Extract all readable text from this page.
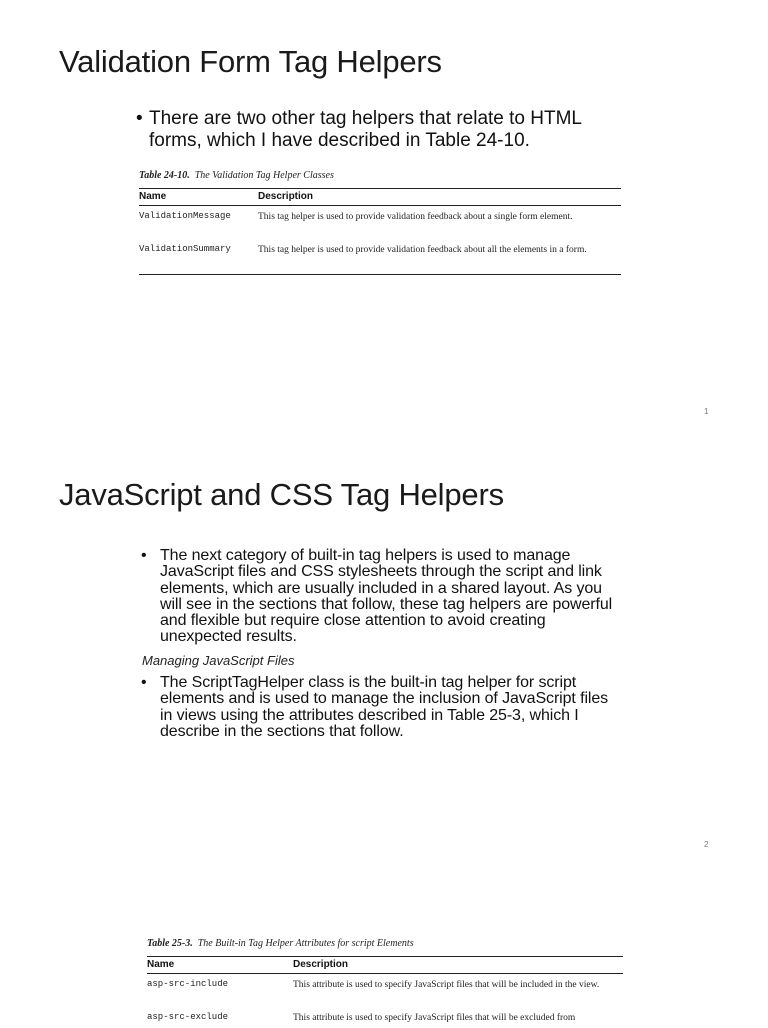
Validation Form Tag Helpers
• There are two other tag helpers that relate to HTML forms, which I have described in Table 24-10.
Table 24-10. The Validation Tag Helper Classes
Name	Description
ValidationMessage	This tag helper is used to provide validation feedback about a single form element.
ValidationSummary	This tag helper is used to provide validation feedback about all the elements in a form.
1
JavaScript and CSS Tag Helpers
• The next category of built-in tag helpers is used to manage JavaScript files and CSS stylesheets through the script and link elements, which are usually included in a shared layout. As you will see in the sections that follow, these tag helpers are powerful and flexible but require close attention to avoid creating unexpected results.
Managing JavaScript Files
• The ScriptTagHelper class is the built-in tag helper for script elements and is used to manage the inclusion of JavaScript files in views using the attributes described in Table 25-3, which I describe in the sections that follow.
2
Table 25-3. The Built-in Tag Helper Attributes for script Elements
Name	Description
asp-src-include	This attribute is used to specify JavaScript files that will be included in the view.
asp-src-exclude	This attribute is used to specify JavaScript files that will be excluded from
